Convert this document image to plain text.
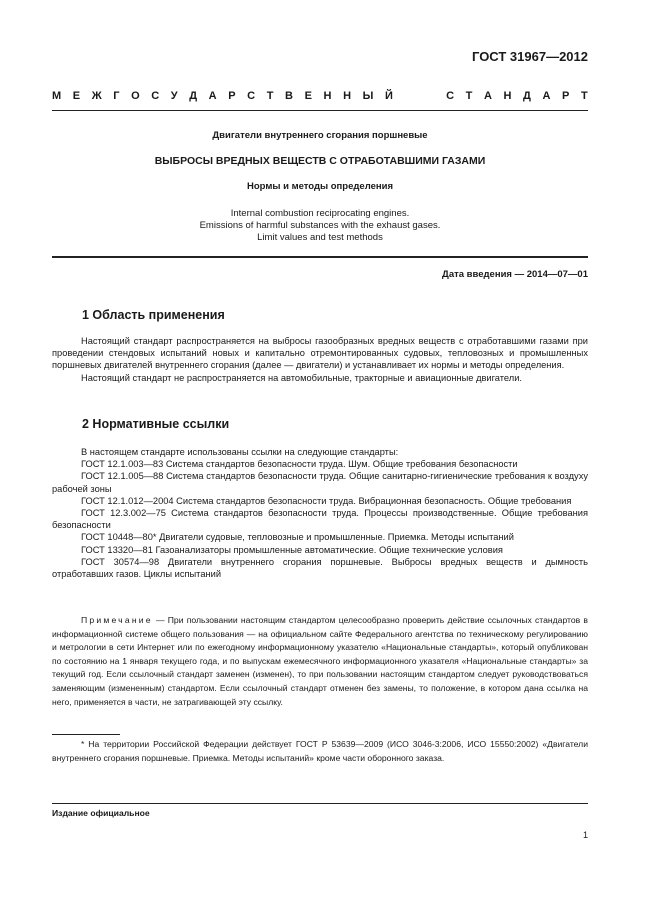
ГОСТ 31967—2012
М Е Ж Г О С У Д А Р С Т В Е Н Н Ы Й	С Т А Н Д А Р Т
Двигатели внутреннего сгорания поршневые
ВЫБРОСЫ ВРЕДНЫХ ВЕЩЕСТВ С ОТРАБОТАВШИМИ ГАЗАМИ
Нормы и методы определения
Internal combustion reciprocating engines.
Emissions of harmful substances with the exhaust gases.
Limit values and test methods
Дата введения — 2014—07—01
1 Область применения

Настоящий стандарт распространяется на выбросы газообразных вредных веществ с отработавшими газами при проведении стендовых испытаний новых и капитально отремонтированных судовых, тепловозных и промышленных поршневых двигателей внутреннего сгорания (далее — двигатели) и устанавливает их нормы и методы определения.

Настоящий стандарт не распространяется на автомобильные, тракторные и авиационные двигатели.

2 Нормативные ссылки

В настоящем стандарте использованы ссылки на следующие стандарты:

ГОСТ 12.1.003—83 Система стандартов безопасности труда. Шум. Общие требования безопасности

ГОСТ 12.1.005—88 Система стандартов безопасности труда. Общие санитарно-гигиенические требования к воздуху рабочей зоны

ГОСТ 12.1.012—2004 Система стандартов безопасности труда. Вибрационная безопасность. Общие требования

ГОСТ 12.3.002—75 Система стандартов безопасности труда. Процессы производственные. Общие требования безопасности

ГОСТ 10448—80* Двигатели судовые, тепловозные и промышленные. Приемка. Методы испытаний

ГОСТ 13320—81 Газоанализаторы промышленные автоматические. Общие технические условия

ГОСТ 30574—98 Двигатели внутреннего сгорания поршневые. Выбросы вредных веществ и дымность отработавших газов. Циклы испытаний

Примечание — При пользовании настоящим стандартом целесообразно проверить действие ссылочных стандартов в информационной системе общего пользования — на официальном сайте Федерального агентства по техническому регулированию и метрологии в сети Интернет или по ежегодному информационному указателю «Национальные стандарты», который опубликован по состоянию на 1 января текущего года, и по выпускам ежемесячного информационного указателя «Национальные стандарты» за текущий год. Если ссылочный стандарт заменен (изменен), то при пользовании настоящим стандартом следует руководствоваться заменяющим (измененным) стандартом. Если ссылочный стандарт отменен без замены, то положение, в котором дана ссылка на него, применяется в части, не затрагивающей эту ссылку.

* На территории Российской Федерации действует ГОСТ Р 53639—2009 (ИСО 3046-3:2006, ИСО 15550:2002) «Двигатели внутреннего сгорания поршневые. Приемка. Методы испытаний» кроме части оборонного заказа.

Издание официальное
1
